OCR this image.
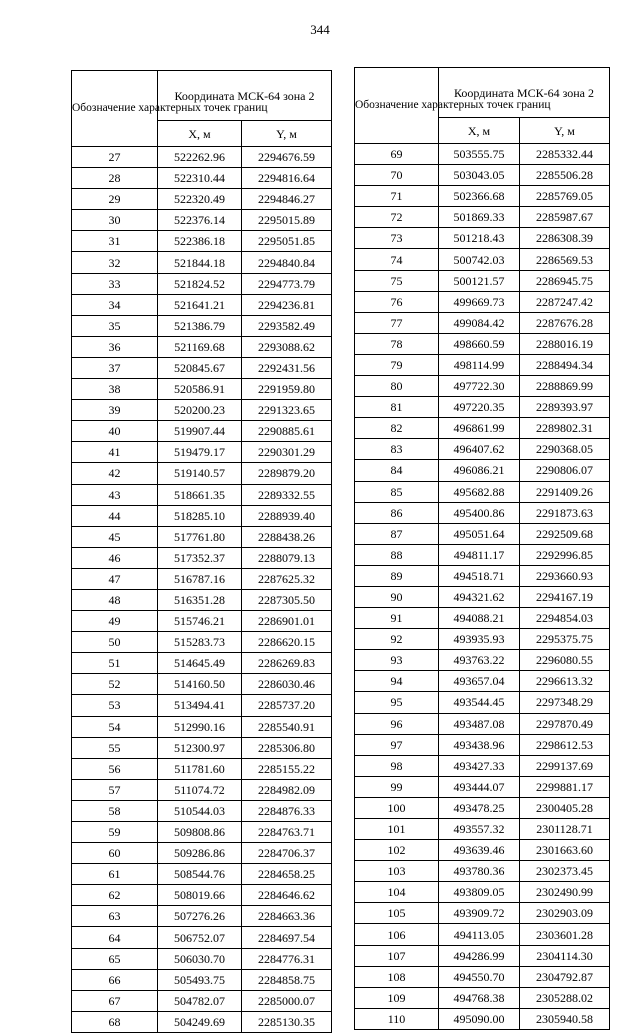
344
Обозначение характерных точек границ	Координата МСК-64 зона 2	
	X, м	Y, м
27	522262.96	2294676.59
28	522310.44	2294816.64
29	522320.49	2294846.27
30	522376.14	2295015.89
31	522386.18	2295051.85
32	521844.18	2294840.84
33	521824.52	2294773.79
34	521641.21	2294236.81
35	521386.79	2293582.49
36	521169.68	2293088.62
37	520845.67	2292431.56
38	520586.91	2291959.80
39	520200.23	2291323.65
40	519907.44	2290885.61
41	519479.17	2290301.29
42	519140.57	2289879.20
43	518661.35	2289332.55
44	518285.10	2288939.40
45	517761.80	2288438.26
46	517352.37	2288079.13
47	516787.16	2287625.32
48	516351.28	2287305.50
49	515746.21	2286901.01
50	515283.73	2286620.15
51	514645.49	2286269.83
52	514160.50	2286030.46
53	513494.41	2285737.20
54	512990.16	2285540.91
55	512300.97	2285306.80
56	511781.60	2285155.22
57	511074.72	2284982.09
58	510544.03	2284876.33
59	509808.86	2284763.71
60	509286.86	2284706.37
61	508544.76	2284658.25
62	508019.66	2284646.62
63	507276.26	2284663.36
64	506752.07	2284697.54
65	506030.70	2284776.31
66	505493.75	2284858.75
67	504782.07	2285000.07
68	504249.69	2285130.35
Обозначение характерных точек границ	Координата МСК-64 зона 2	
	X, м	Y, м
69	503555.75	2285332.44
70	503043.05	2285506.28
71	502366.68	2285769.05
72	501869.33	2285987.67
73	501218.43	2286308.39
74	500742.03	2286569.53
75	500121.57	2286945.75
76	499669.73	2287247.42
77	499084.42	2287676.28
78	498660.59	2288016.19
79	498114.99	2288494.34
80	497722.30	2288869.99
81	497220.35	2289393.97
82	496861.99	2289802.31
83	496407.62	2290368.05
84	496086.21	2290806.07
85	495682.88	2291409.26
86	495400.86	2291873.63
87	495051.64	2292509.68
88	494811.17	2292996.85
89	494518.71	2293660.93
90	494321.62	2294167.19
91	494088.21	2294854.03
92	493935.93	2295375.75
93	493763.22	2296080.55
94	493657.04	2296613.32
95	493544.45	2297348.29
96	493487.08	2297870.49
97	493438.96	2298612.53
98	493427.33	2299137.69
99	493444.07	2299881.17
100	493478.25	2300405.28
101	493557.32	2301128.71
102	493639.46	2301663.60
103	493780.36	2302373.45
104	493809.05	2302490.99
105	493909.72	2302903.09
106	494113.05	2303601.28
107	494286.99	2304114.30
108	494550.70	2304792.87
109	494768.38	2305288.02
110	495090.00	2305940.58
